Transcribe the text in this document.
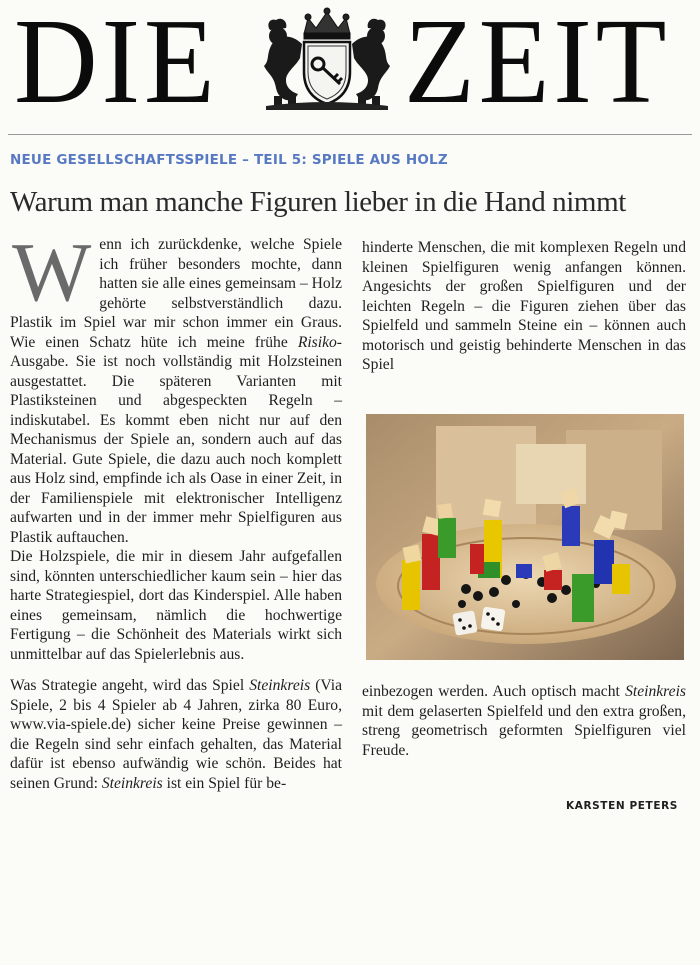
DIE ZEIT
NEUE GESELLSCHAFTSSPIELE – TEIL 5: SPIELE AUS HOLZ
Warum man manche Figuren lieber in die Hand nimmt

Wenn ich zurückdenke, welche Spiele ich früher besonders mochte, dann hatten sie alle eines gemeinsam – Holz gehörte selbstverständlich dazu. Plastik im Spiel war mir schon immer ein Graus. Wie einen Schatz hüte ich meine frühe Risiko-Ausgabe. Sie ist noch vollständig mit Holzsteinen ausgestattet. Die späteren Varianten mit Plastiksteinen und abgespeckten Regeln – indiskutabel. Es kommt eben nicht nur auf den Mechanismus der Spiele an, sondern auch auf das Material. Gute Spiele, die dazu auch noch komplett aus Holz sind, empfinde ich als Oase in einer Zeit, in der Familienspiele mit elektronischer Intelligenz aufwarten und in der immer mehr Spielfiguren aus Plastik auftauchen.

Die Holzspiele, die mir in diesem Jahr aufgefallen sind, könnten unterschiedlicher kaum sein – hier das harte Strategiespiel, dort das Kinderspiel. Alle haben eines gemeinsam, nämlich die hochwertige Fertigung – die Schönheit des Materials wirkt sich unmittelbar auf das Spielerlebnis aus.

Was Strategie angeht, wird das Spiel Steinkreis (Via Spiele, 2 bis 4 Spieler ab 4 Jahren, zirka 80 Euro, www.via-spiele.de) sicher keine Preise gewinnen – die Regeln sind sehr einfach gehalten, das Material dafür ist ebenso aufwändig wie schön. Beides hat seinen Grund: Steinkreis ist ein Spiel für be-

hinderte Menschen, die mit komplexen Regeln und kleinen Spielfiguren wenig anfangen können. Angesichts der großen Spielfiguren und der leichten Regeln – die Figuren ziehen über das Spielfeld und sammeln Steine ein – können auch motorisch und geistig behinderte Menschen in das Spiel

einbezogen werden. Auch optisch macht Steinkreis mit dem gelaserten Spielfeld und den extra großen, streng geometrisch geformten Spielfiguren viel Freude.

KARSTEN PETERS
